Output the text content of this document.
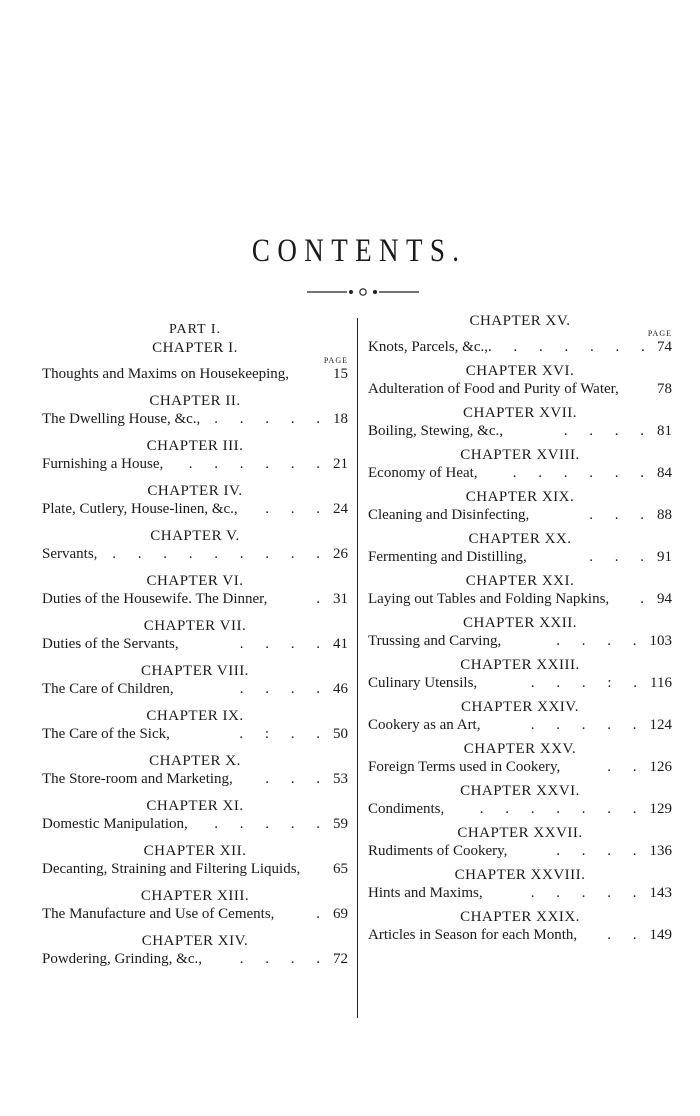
CONTENTS.
PART I.
CHAPTER I.
PAGE
Thoughts and Maxims on Housekeeping,	15
CHAPTER II.
The Dwelling House, &c., . . . . . 18
CHAPTER III.
Furnishing a House,	. . . . . . 21
CHAPTER IV.
Plate, Cutlery, House-linen, &c.,	. . . 24
CHAPTER V.
Servants, . . . . . . . . . 26
CHAPTER VI.
Duties of the Housewife. The Dinner,	. 31
CHAPTER VII.
Duties of the Servants,	. . . . 41
CHAPTER VIII.
The Care of Children,	. . . . 46
CHAPTER IX.
The Care of the Sick,	. : . . 50
CHAPTER X.
The Store-room and Marketing,	. . . 53
CHAPTER XI.
Domestic Manipulation,	. . . . . 59
CHAPTER XII.
Decanting, Straining and Filtering Liquids, 65
CHAPTER XIII.
The Manufacture and Use of Cements,	. 69
CHAPTER XIV.
Powdering, Grinding, &c.,	. . . . 72
CHAPTER XV.
PAGE
Knots, Parcels, &c., . . . . . . . 74
CHAPTER XVI.
Adulteration of Food and Purity of Water,	78
CHAPTER XVII.
Boiling, Stewing, &c.,	. . . . 81
CHAPTER XVIII.
Economy of Heat,	. . . . . . 84
CHAPTER XIX.
Cleaning and Disinfecting,	. . . 88
CHAPTER XX.
Fermenting and Distilling,	. . . 91
CHAPTER XXI.
Laying out Tables and Folding Napkins,	. 94
CHAPTER XXII.
Trussing and Carving,	. . . . 103
CHAPTER XXIII.
Culinary Utensils,	. . . : . 116
CHAPTER XXIV.
Cookery as an Art,	. . . . . 124
CHAPTER XXV.
Foreign Terms used in Cookery,	. . 126
CHAPTER XXVI.
Condiments,	. . . . . . . 129
CHAPTER XXVII.
Rudiments of Cookery,	. . . . 136
CHAPTER XXVIII.
Hints and Maxims,	. . . . . 143
CHAPTER XXIX.
Articles in Season for each Month,	. . 149
